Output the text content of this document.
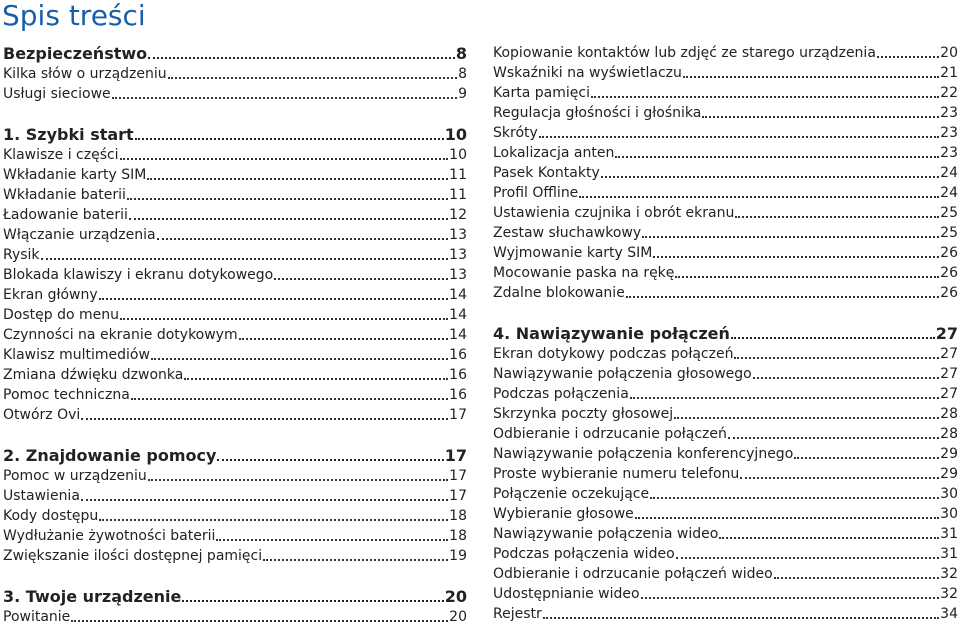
Spis treści
Bezpieczeństwo	8
Kilka słów o urządzeniu	8
Usługi sieciowe	9
1. Szybki start	10
Klawisze i części	10
Wkładanie karty SIM	11
Wkładanie baterii	11
Ładowanie baterii	12
Włączanie urządzenia	13
Rysik	13
Blokada klawiszy i ekranu dotykowego	13
Ekran główny	14
Dostęp do menu	14
Czynności na ekranie dotykowym	14
Klawisz multimediów	16
Zmiana dźwięku dzwonka	16
Pomoc techniczna	16
Otwórz Ovi	17
2. Znajdowanie pomocy	17
Pomoc w urządzeniu	17
Ustawienia	17
Kody dostępu	18
Wydłużanie żywotności baterii	18
Zwiększanie ilości dostępnej pamięci	19
3. Twoje urządzenie	20
Powitanie	20
Kopiowanie kontaktów lub zdjęć ze starego urządzenia	20
Wskaźniki na wyświetlaczu	21
Karta pamięci	22
Regulacja głośności i głośnika	23
Skróty	23
Lokalizacja anten	23
Pasek Kontakty	24
Profil Offline	24
Ustawienia czujnika i obrót ekranu	25
Zestaw słuchawkowy	25
Wyjmowanie karty SIM	26
Mocowanie paska na rękę	26
Zdalne blokowanie	26
4. Nawiązywanie połączeń	27
Ekran dotykowy podczas połączeń	27
Nawiązywanie połączenia głosowego	27
Podczas połączenia	27
Skrzynka poczty głosowej	28
Odbieranie i odrzucanie połączeń	28
Nawiązywanie połączenia konferencyjnego	29
Proste wybieranie numeru telefonu	29
Połączenie oczekujące	30
Wybieranie głosowe	30
Nawiązywanie połączenia wideo	31
Podczas połączenia wideo	31
Odbieranie i odrzucanie połączeń wideo	32
Udostępnianie wideo	32
Rejestr	34
